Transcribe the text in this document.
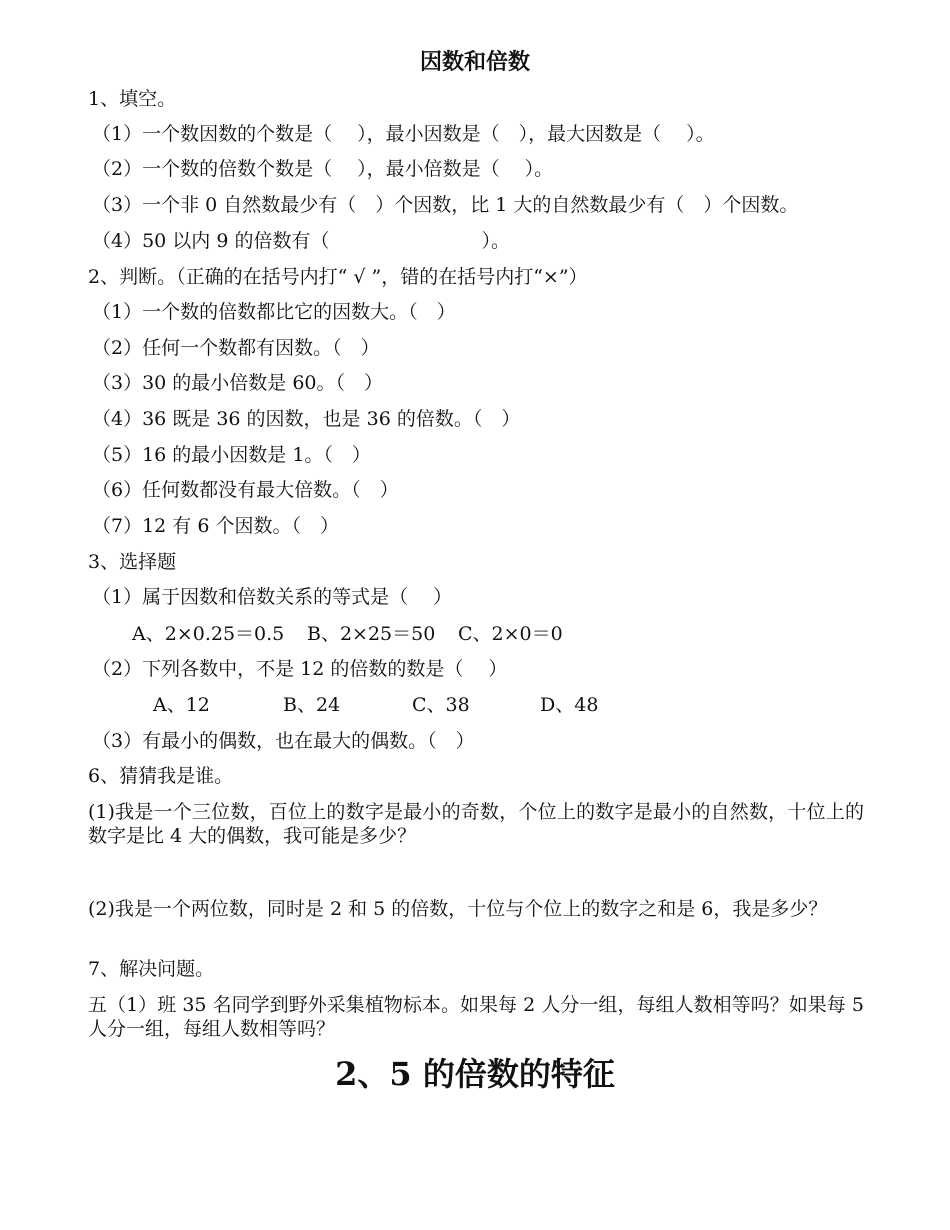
因数和倍数
1、填空。
（1）一个数因数的个数是（　 ），最小因数是（　），最大因数是（　 ）。
（2）一个数的倍数个数是（　 ），最小倍数是（　 ）。
（3）一个非 0 自然数最少有（　）个因数，比 1 大的自然数最少有（　）个因数。
（4）50 以内 9 的倍数有（　　　　　　　　）。
2、判断。（正确的在括号内打“ √ ”，错的在括号内打“×”）
（1）一个数的倍数都比它的因数大。（　）
（2）任何一个数都有因数。（　）
（3）30 的最小倍数是 60。（　）
（4）36 既是 36 的因数，也是 36 的倍数。（　）
（5）16 的最小因数是 1。（　）
（6）任何数都没有最大倍数。（　）
（7）12 有 6 个因数。（　）
3、选择题
（1）属于因数和倍数关系的等式是（　 ）
A、2×0.25＝0.5 B、2×25＝50 C、2×0＝0
（2）下列各数中，不是 12 的倍数的数是（　 ）
A、12	B、24	C、38	D、48
（3）有最小的偶数，也在最大的偶数。（　）
6、猜猜我是谁。
(1)我是一个三位数，百位上的数字是最小的奇数，个位上的数字是最小的自然数，十位上的数字是比 4 大的偶数，我可能是多少？
(2)我是一个两位数，同时是 2 和 5 的倍数，十位与个位上的数字之和是 6，我是多少？
7、解决问题。
五（1）班 35 名同学到野外采集植物标本。如果每 2 人分一组，每组人数相等吗？如果每 5 人分一组，每组人数相等吗？
2、5 的倍数的特征
